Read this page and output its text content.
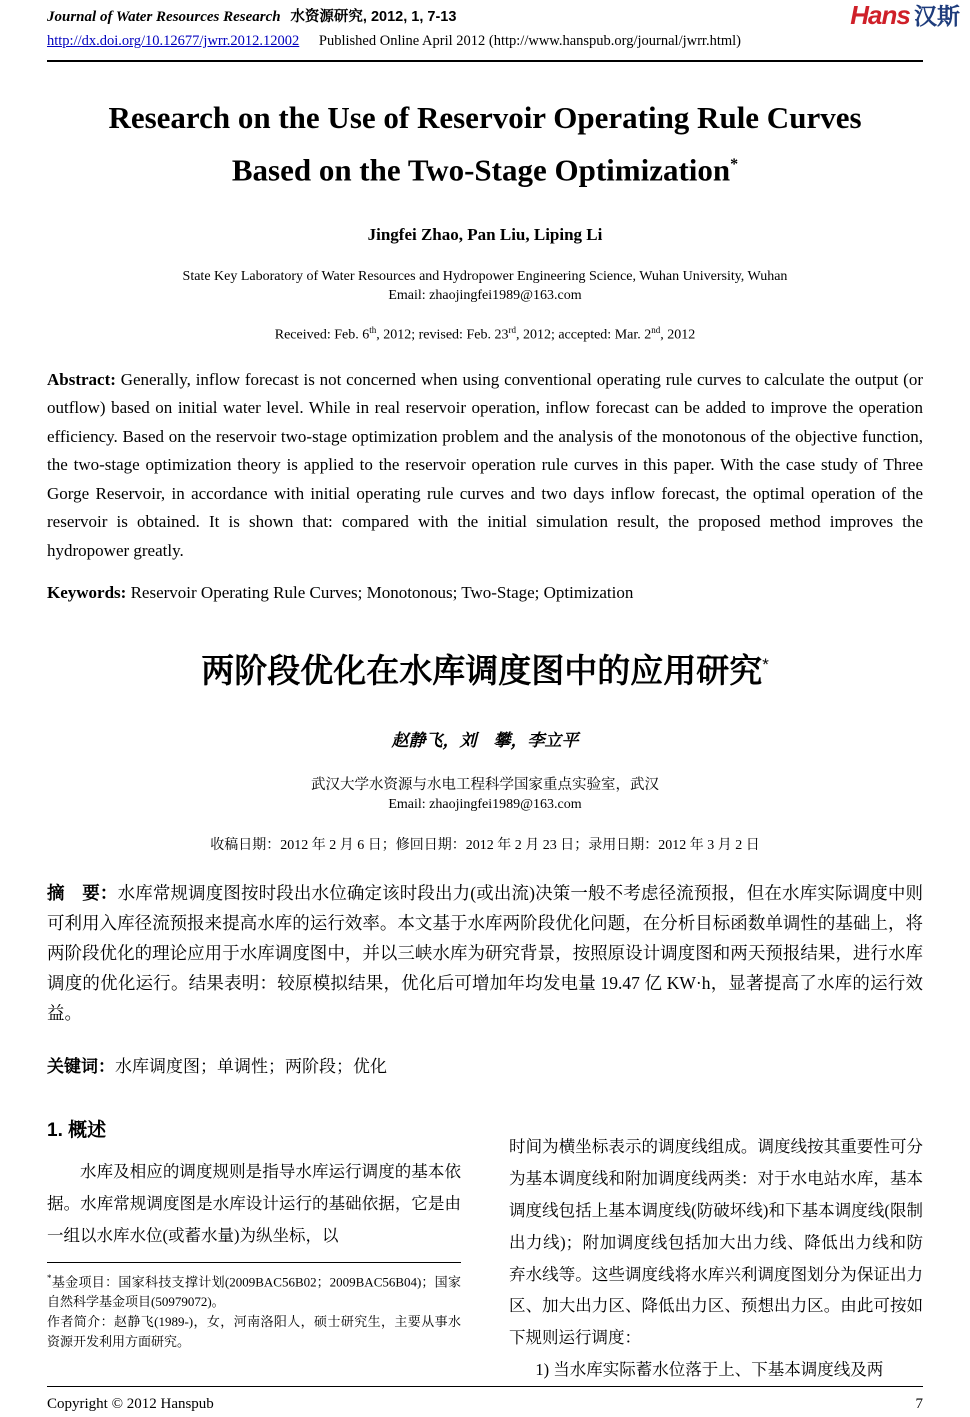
Journal of Water Resources Research 水资源研究, 2012, 1, 7-13
http://dx.doi.org/10.12677/jwrr.2012.12002 Published Online April 2012 (http://www.hanspub.org/journal/jwrr.html)
Hans 汉斯
Research on the Use of Reservoir Operating Rule Curves
Based on the Two-Stage Optimization*
Jingfei Zhao, Pan Liu, Liping Li
State Key Laboratory of Water Resources and Hydropower Engineering Science, Wuhan University, Wuhan
Email: zhaojingfei1989@163.com
Received: Feb. 6th, 2012; revised: Feb. 23rd, 2012; accepted: Mar. 2nd, 2012

Abstract: Generally, inflow forecast is not concerned when using conventional operating rule curves to calculate the output (or outflow) based on initial water level. While in real reservoir operation, inflow forecast can be added to improve the operation efficiency. Based on the reservoir two-stage optimization problem and the analysis of the monotonous of the objective function, the two-stage optimization theory is applied to the reservoir operation rule curves in this paper. With the case study of Three Gorge Reservoir, in accordance with initial operating rule curves and two days inflow forecast, the optimal operation of the reservoir is obtained. It is shown that: compared with the initial simulation result, the proposed method improves the hydropower greatly.

Keywords: Reservoir Operating Rule Curves; Monotonous; Two-Stage; Optimization

两阶段优化在水库调度图中的应用研究*
赵静飞，刘　攀，李立平
武汉大学水资源与水电工程科学国家重点实验室，武汉
Email: zhaojingfei1989@163.com
收稿日期：2012 年 2 月 6 日；修回日期：2012 年 2 月 23 日；录用日期：2012 年 3 月 2 日

摘　要：水库常规调度图按时段出水位确定该时段出力(或出流)决策一般不考虑径流预报，但在水库实际调度中则可利用入库径流预报来提高水库的运行效率。本文基于水库两阶段优化问题，在分析目标函数单调性的基础上，将两阶段优化的理论应用于水库调度图中，并以三峡水库为研究背景，按照原设计调度图和两天预报结果，进行水库调度的优化运行。结果表明：较原模拟结果，优化后可增加年均发电量 19.47 亿 KW·h，显著提高了水库的运行效益。

关键词：水库调度图；单调性；两阶段；优化

1. 概述

水库及相应的调度规则是指导水库运行调度的基本依据。水库常规调度图是水库设计运行的基础依据，它是由一组以水库水位(或蓄水量)为纵坐标，以

*基金项目：国家科技支撑计划(2009BAC56B02；2009BAC56B04)；国家自然科学基金项目(50979072)。

作者简介：赵静飞(1989-)，女，河南洛阳人，硕士研究生，主要从事水资源开发利用方面研究。

时间为横坐标表示的调度线组成。调度线按其重要性可分为基本调度线和附加调度线两类：对于水电站水库，基本调度线包括上基本调度线(防破坏线)和下基本调度线(限制出力线)；附加调度线包括加大出力线、降低出力线和防弃水线等。这些调度线将水库兴利调度图划分为保证出力区、加大出力区、降低出力区、预想出力区。由此可按如下规则运行调度：

1) 当水库实际蓄水位落于上、下基本调度线及两

Copyright © 2012 Hanspub	7
